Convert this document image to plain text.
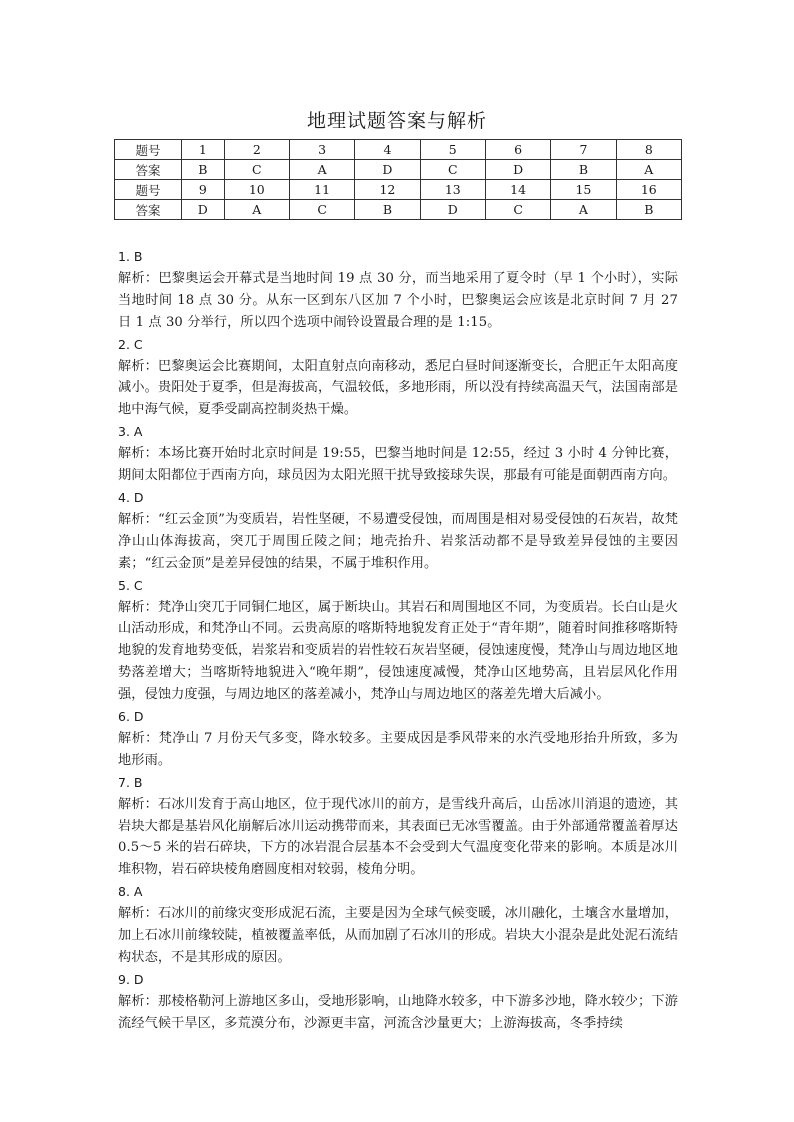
地理试题答案与解析
题号	1	2	3	4	5	6	7	8
答案	B	C	A	D	C	D	B	A
题号	9	10	11	12	13	14	15	16
答案	D	A	C	B	D	C	A	B
1. B
解析：巴黎奥运会开幕式是当地时间 19 点 30 分，而当地采用了夏令时（早 1 个小时），实际当地时间 18 点 30 分。从东一区到东八区加 7 个小时，巴黎奥运会应该是北京时间 7 月 27 日 1 点 30 分举行，所以四个选项中闹铃设置最合理的是 1:15。
2. C
解析：巴黎奥运会比赛期间，太阳直射点向南移动，悉尼白昼时间逐渐变长，合肥正午太阳高度减小。贵阳处于夏季，但是海拔高，气温较低，多地形雨，所以没有持续高温天气，法国南部是地中海气候，夏季受副高控制炎热干燥。
3. A
解析：本场比赛开始时北京时间是 19:55，巴黎当地时间是 12:55，经过 3 小时 4 分钟比赛，期间太阳都位于西南方向，球员因为太阳光照干扰导致接球失误，那最有可能是面朝西南方向。
4. D
解析：“红云金顶”为变质岩，岩性坚硬，不易遭受侵蚀，而周围是相对易受侵蚀的石灰岩，故梵净山山体海拔高，突兀于周围丘陵之间；地壳抬升、岩浆活动都不是导致差异侵蚀的主要因素；“红云金顶”是差异侵蚀的结果，不属于堆积作用。
5. C
解析：梵净山突兀于同铜仁地区，属于断块山。其岩石和周围地区不同，为变质岩。长白山是火山活动形成，和梵净山不同。云贵高原的喀斯特地貌发育正处于“青年期”，随着时间推移喀斯特地貌的发育地势变低，岩浆岩和变质岩的岩性较石灰岩坚硬，侵蚀速度慢，梵净山与周边地区地势落差增大；当喀斯特地貌进入“晚年期”，侵蚀速度减慢，梵净山区地势高，且岩层风化作用强，侵蚀力度强，与周边地区的落差减小，梵净山与周边地区的落差先增大后减小。
6. D
解析：梵净山 7 月份天气多变，降水较多。主要成因是季风带来的水汽受地形抬升所致，多为地形雨。
7. B
解析：石冰川发育于高山地区，位于现代冰川的前方，是雪线升高后，山岳冰川消退的遗迹，其岩块大都是基岩风化崩解后冰川运动携带而来，其表面已无冰雪覆盖。由于外部通常覆盖着厚达 0.5～5 米的岩石碎块，下方的冰岩混合层基本不会受到大气温度变化带来的影响。本质是冰川堆积物，岩石碎块棱角磨圆度相对较弱，棱角分明。
8. A
解析：石冰川的前缘灾变形成泥石流，主要是因为全球气候变暖，冰川融化，土壤含水量增加，加上石冰川前缘较陡，植被覆盖率低，从而加剧了石冰川的形成。岩块大小混杂是此处泥石流结构状态，不是其形成的原因。
9. D
解析：那棱格勒河上游地区多山，受地形影响，山地降水较多，中下游多沙地，降水较少；下游流经气候干旱区，多荒漠分布，沙源更丰富，河流含沙量更大；上游海拔高，冬季持续
